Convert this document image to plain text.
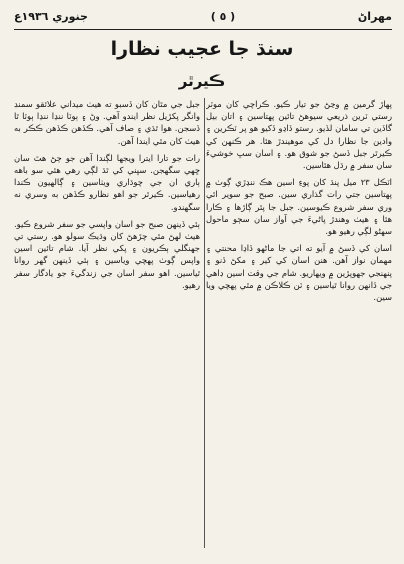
جنوري ١٩٣٦ع	( ٥ )	مهراڻ
سنڌ جا عجيب نظارا
ڪيرٿر

پهاڙ گرمين ۾ وڃڻ جو تيار ڪيو. ڪراچي کان موٽر رستي ٽرين ذريعي سيوهڻ تائين پهتاسين ۽ اتان بيل گاڏين تي سامان لڏيو. رستو ڏاڍو ڏکيو هو پر ٽڪرين ۽ وادين جا نظارا دل کي موهيندڙ هئا. هر ڪنهن کي ڪيرٿر جبل ڏسڻ جو شوق هو. ۽ اسان سڀ خوشيءَ سان سفر ۾ رڌل هئاسين.

اٽڪل ٢٣ ميل پنڌ کان پوءِ اسين هڪ ننڍڙي ڳوٺ ۾ پهتاسين جتي رات گذاري سين. صبح جو سوير اٿي وري سفر شروع ڪيوسين. جبل جا پٿر ڳاڙها ۽ ڪارا هئا ۽ هيٺ وهندڙ پاڻيءَ جي آواز سان سڄو ماحول سهڻو لڳي رهيو هو.

اسان کي ڏسڻ ۾ آيو ته اتي جا ماڻهو ڏاڍا محنتي ۽ مهمان نواز آهن. هنن اسان کي کير ۽ مکڻ ڏنو ۽ پنهنجي جهوپڙين ۾ ويهاريو. شام جي وقت اسين ڊاهي جي ڏانهن روانا ٿياسين ۽ ٽن ڪلاڪن ۾ مٿي پهچي ويا سين.

جبل جي مٿان کان ڏسبو ته هيٺ ميداني علائقو سمنڊ وانگر پکڙيل نظر ايندو آهي. وڻ ۽ ٻوٽا ننڍا ننڍا ٻوٽا ٿا ڏسجن. هوا ٿڌي ۽ صاف آهي. ڪڏهن ڪڏهن ڪڪر به هيٺ کان مٿي ايندا آهن.

رات جو تارا ايترا ويجها لڳندا آهن جو ڄڻ هٿ سان ڇهي سگهجن. سڀني کي ٿڌ لڳي رهي هئي سو باهه ٻاري ان جي چوڌاري ويٺاسين ۽ ڳالهيون ڪندا رهياسين. ڪيرٿر جو اهو نظارو ڪڏهن به وسري نه سگهندو.

ٻئي ڏينهن صبح جو اسان واپسي جو سفر شروع ڪيو. هيٺ لهڻ مٿي چڙهڻ کان وڌيڪ سولو هو. رستي تي جهنگلي ٻڪريون ۽ پکي نظر آيا. شام تائين اسين واپس ڳوٺ پهچي وياسين ۽ ٻئي ڏينهن گهر روانا ٿياسين. اهو سفر اسان جي زندگيءَ جو يادگار سفر رهيو.
